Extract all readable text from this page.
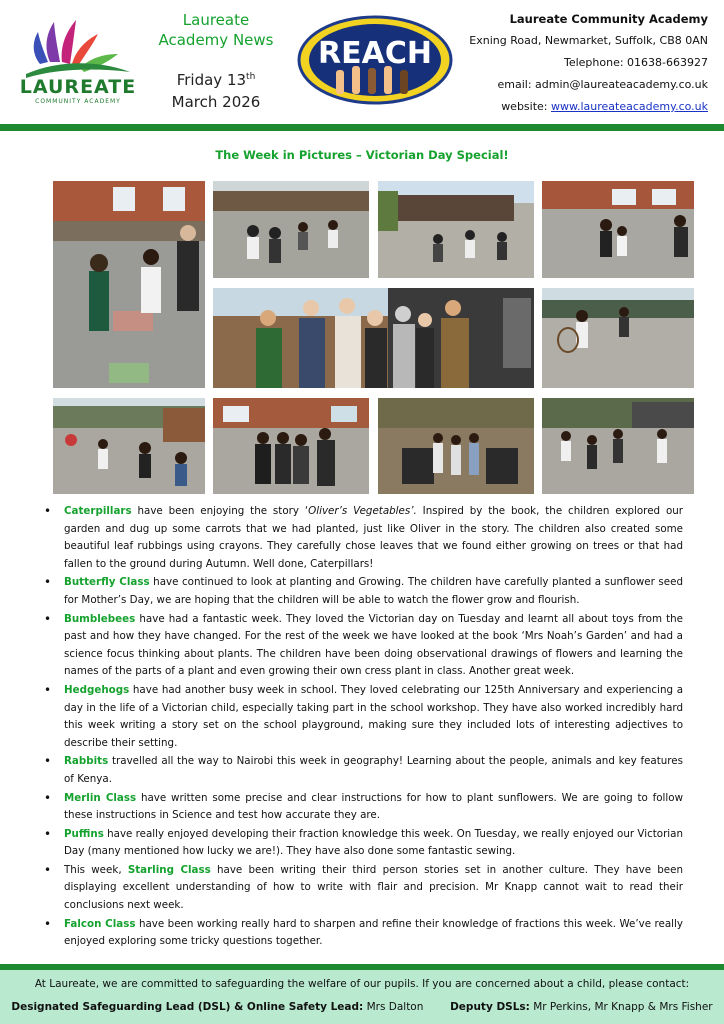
LAUREATE
COMMUNITY ACADEMY
Laureate
Academy News
Friday 13th
March 2026
REACH
Laureate Community Academy
Exning Road, Newmarket, Suffolk, CB8 0AN
Telephone: 01638-663927
email: admin@laureateacademy.co.uk
website: www.laureateacademy.co.uk
The Week in Pictures – Victorian Day Special!
• Caterpillars have been enjoying the story ‘Oliver’s Vegetables’. Inspired by the book, the children explored our garden and dug up some carrots that we had planted, just like Oliver in the story. The children also created some beautiful leaf rubbings using crayons. They carefully chose leaves that we found either growing on trees or that had fallen to the ground during Autumn. Well done, Caterpillars!
• Butterfly Class have continued to look at planting and Growing. The children have carefully planted a sunflower seed for Mother’s Day, we are hoping that the children will be able to watch the flower grow and flourish.
• Bumblebees have had a fantastic week. They loved the Victorian day on Tuesday and learnt all about toys from the past and how they have changed. For the rest of the week we have looked at the book ‘Mrs Noah’s Garden’ and had a science focus thinking about plants. The children have been doing observational drawings of flowers and learning the names of the parts of a plant and even growing their own cress plant in class. Another great week.
• Hedgehogs have had another busy week in school. They loved celebrating our 125th Anniversary and experiencing a day in the life of a Victorian child, especially taking part in the school workshop. They have also worked incredibly hard this week writing a story set on the school playground, making sure they included lots of interesting adjectives to describe their setting.
• Rabbits travelled all the way to Nairobi this week in geography! Learning about the people, animals and key features of Kenya.
• Merlin Class have written some precise and clear instructions for how to plant sunflowers. We are going to follow these instructions in Science and test how accurate they are.
• Puffins have really enjoyed developing their fraction knowledge this week. On Tuesday, we really enjoyed our Victorian Day (many mentioned how lucky we are!). They have also done some fantastic sewing.
• This week, Starling Class have been writing their third person stories set in another culture. They have been displaying excellent understanding of how to write with flair and precision. Mr Knapp cannot wait to read their conclusions next week.
• Falcon Class have been working really hard to sharpen and refine their knowledge of fractions this week. We’ve really enjoyed exploring some tricky questions together.
At Laureate, we are committed to safeguarding the welfare of our pupils. If you are concerned about a child, please contact:
Designated Safeguarding Lead (DSL) & Online Safety Lead: Mrs Dalton	Deputy DSLs: Mr Perkins, Mr Knapp & Mrs Fisher
